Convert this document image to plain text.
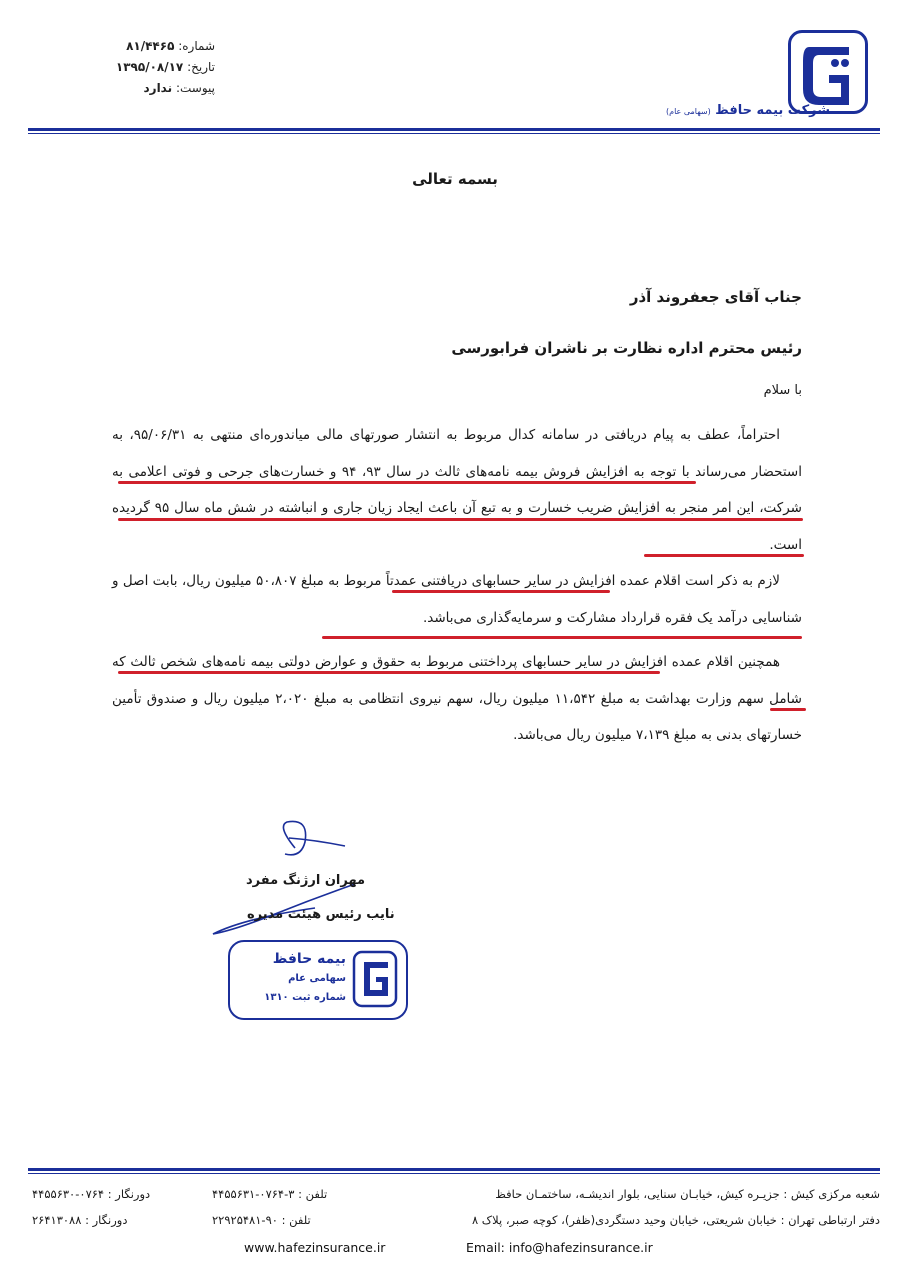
شماره: ۸۱/۴۴۶۵
تاریخ: ۱۳۹۵/۰۸/۱۷
پیوست: ندارد
شرکت بیمه حافظ (سهامی عام)
بسمه تعالی
جناب آقای جعفروند آذر
رئیس محترم اداره نظارت بر ناشران فرابورسی
با سلام
احتراماً، عطف به پیام دریافتی در سامانه کدال مربوط به انتشار صورتهای مالی میاندوره‌ای منتهی به ۹۵/۰۶/۳۱، به استحضار می‌رساند با توجه به افزایش فروش بیمه نامه‌های ثالث در سال ۹۳، ۹۴ و خسارت‌های جرحی و فوتی اعلامی به شرکت، این امر منجر به افزایش ضریب خسارت و به تبع آن باعث ایجاد زیان جاری و انباشته در شش ماه سال ۹۵ گردیده است.
لازم به ذکر است اقلام عمده افزایش در سایر حسابهای دریافتنی عمدتاً مربوط به مبلغ ۵۰،۸۰۷ میلیون ریال، بابت اصل و شناسایی درآمد یک فقره قرارداد مشارکت و سرمایه‌گذاری می‌باشد.
همچنین اقلام عمده افزایش در سایر حسابهای پرداختنی مربوط به حقوق و عوارض دولتی بیمه نامه‌های شخص ثالث که شامل سهم وزارت بهداشت به مبلغ ۱۱،۵۴۲ میلیون ریال، سهم نیروی انتظامی به مبلغ ۲،۰۲۰ میلیون ریال و صندوق تأمین خسارتهای بدنی به مبلغ ۷،۱۳۹ میلیون ریال می‌باشد.
مهران ارژنگ مفرد
نایب رئیس هیئت مدیره
بیمه حافظ
سهامی عام
شماره ثبت ۱۳۱۰
شعبه مرکزی کیش : جزیـره کیش، خیابـان سنایی، بلوار اندیشـه، ساختمـان حافظ
تلفن : ۳-۰۷۶۴-۴۴۵۵۶۳۱
دورنگار : ۰۷۶۴-۴۴۵۵۶۳۰
دفتر ارتباطی تهران : خیابان شریعتی، خیابان وحید دستگردی(ظفر)، کوچه صبر، پلاک ۸
تلفن : ۹۰-۲۲۹۲۵۴۸۱
دورنگار : ۲۶۴۱۳۰۸۸
www.hafezinsurance.ir	Email: info@hafezinsurance.ir
